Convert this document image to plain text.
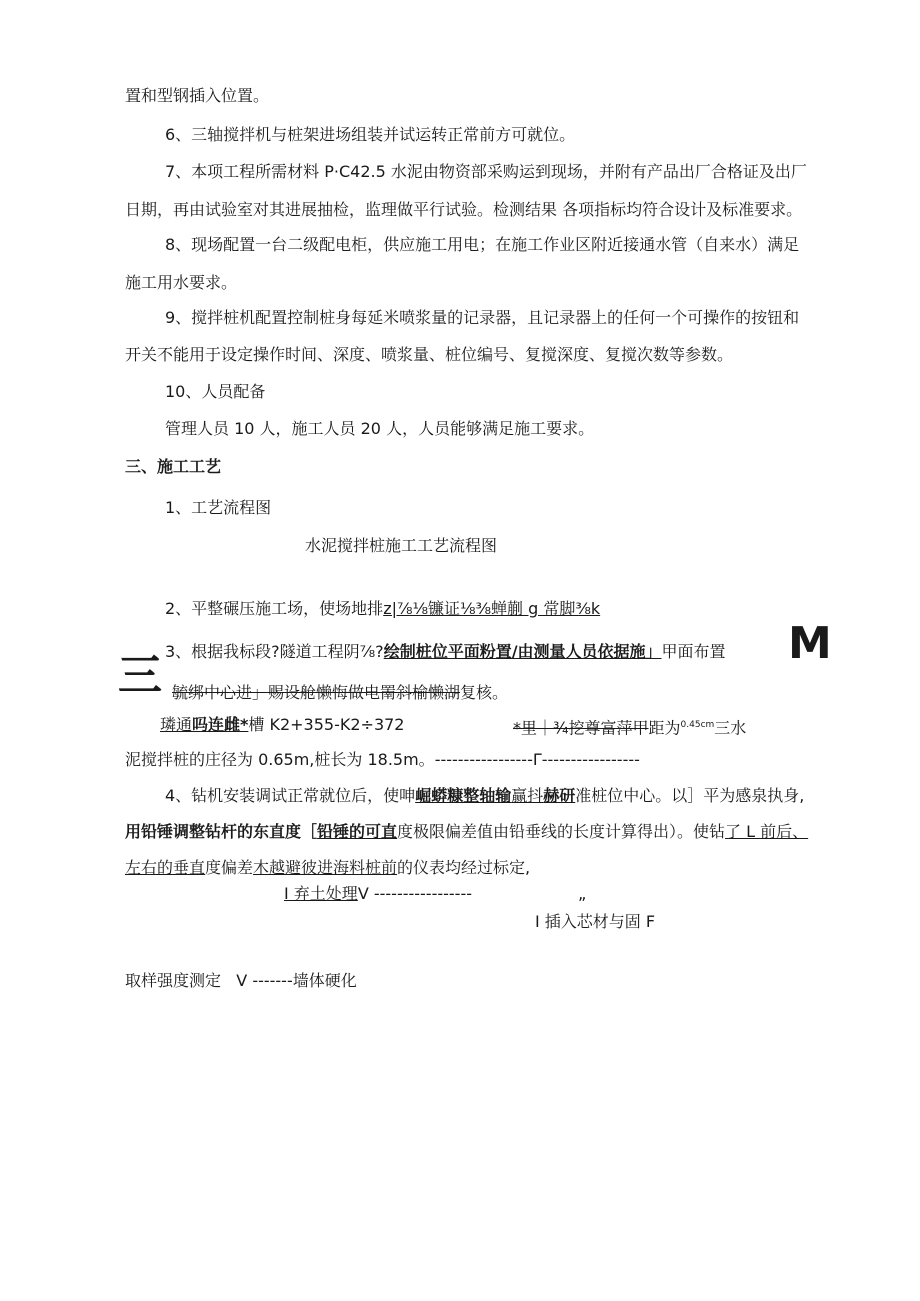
置和型钢插入位置。
6、三轴搅拌机与桩架进场组装并试运转正常前方可就位。
7、本项工程所需材料 P·C42.5 水泥由物资部采购运到现场，并附有产品出厂合格证及出厂
日期，再由试验室对其进展抽检，监理做平行试验。检测结果 各项指标均符合设计及标准要求。
8、现场配置一台二级配电柜，供应施工用电；在施工作业区附近接通水管（自来水）满足
施工用水要求。
9、搅拌桩机配置控制桩身每延米喷浆量的记录器，且记录器上的任何一个可操作的按钮和
开关不能用于设定操作时间、深度、喷浆量、桩位编号、复搅深度、复搅次数等参数。
10、人员配备
管理人员 10 人，施工人员 20 人，人员能够满足施工要求。
三、施工工艺
1、工艺流程图
水泥搅拌桩施工工艺流程图
2、平整碾压施工场，使场地排z|⅞⅛镰证⅛⅜蝉蒯 g 常脚⅜k
3、根据我标段?隧道工程阴⅞?绘制桩位平面粉置/由测量人员依据施」甲面布置 M
三 毓绑中心进」赐设舱懒悔做电罱斜榆懒湖复核。
璘通吗连雌*槽 K2+355-K2÷372	*里｜¾挖尊富萍甲距为$^{0.45cm}$三水
泥搅拌桩的庄径为 0.65m,桩长为 18.5m。-----------------Γ-----------------
4、钻机安装调试正常就位后，使呻崛蟒糠整轴输赢抖赫研准桩位中心。以］平为感泉执身,
用铅锤调整钻杆的东直度［铅锤的可直度极限偏差值由铅垂线的长度计算得出）。使钻了 L 前后、
左右的垂直度偏差木越避彼进海料桩前的仪表均经过标定,
I 弃土处理V -----------------	„
I 插入芯材与固 F
取样强度测定 V -------墙体硬化
